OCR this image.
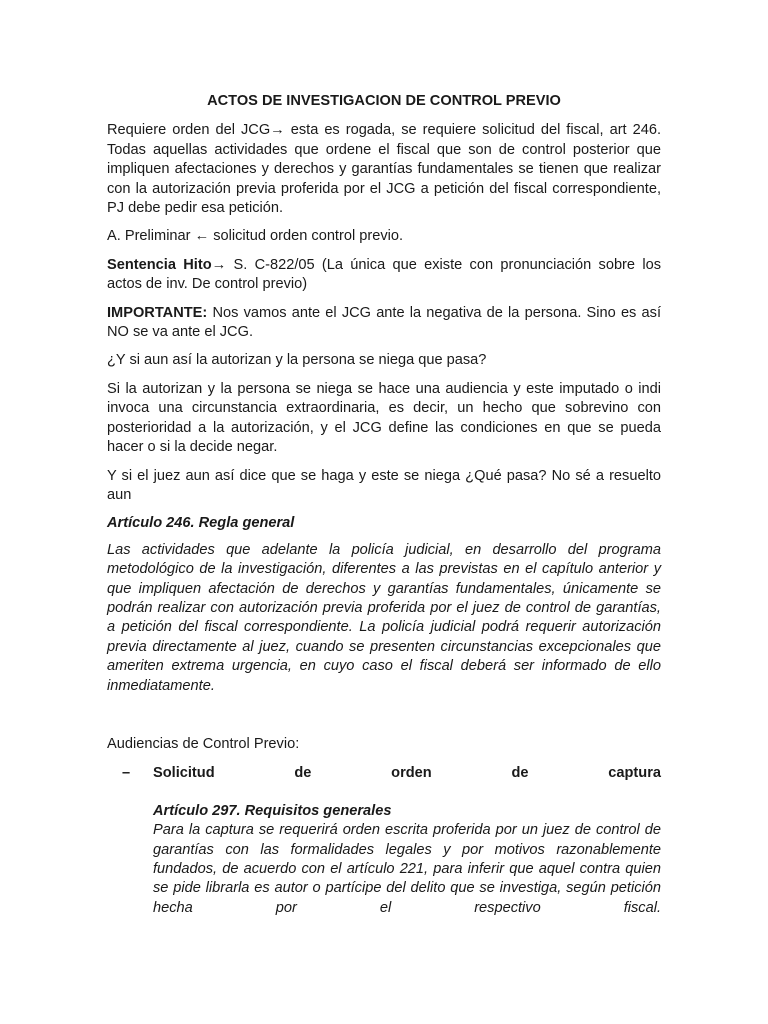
ACTOS DE INVESTIGACION DE CONTROL PREVIO

Requiere orden del JCG→ esta es rogada, se requiere solicitud del fiscal, art 246. Todas aquellas actividades que ordene el fiscal que son de control posterior que impliquen afectaciones y derechos y garantías fundamentales se tienen que realizar con la autorización previa proferida por el JCG a petición del fiscal correspondiente, PJ debe pedir esa petición.

A. Preliminar ← solicitud orden control previo.

Sentencia Hito→ S. C-822/05 (La única que existe con pronunciación sobre los actos de inv. De control previo)

IMPORTANTE: Nos vamos ante el JCG ante la negativa de la persona. Sino es así NO se va ante el JCG.

¿Y si aun así la autorizan y la persona se niega que pasa?

Si la autorizan y la persona se niega se hace una audiencia y este imputado o indi invoca una circunstancia extraordinaria, es decir, un hecho que sobrevino con posterioridad a la autorización, y el JCG define las condiciones en que se pueda hacer o si la decide negar.

Y si el juez aun así dice que se haga y este se niega ¿Qué pasa? No sé a resuelto aun

Artículo 246. Regla general

Las actividades que adelante la policía judicial, en desarrollo del programa metodológico de la investigación, diferentes a las previstas en el capítulo anterior y que impliquen afectación de derechos y garantías fundamentales, únicamente se podrán realizar con autorización previa proferida por el juez de control de garantías, a petición del fiscal correspondiente. La policía judicial podrá requerir autorización previa directamente al juez, cuando se presenten circunstancias excepcionales que ameriten extrema urgencia, en cuyo caso el fiscal deberá ser informado de ello inmediatamente.

Audiencias de Control Previo:

–	Solicitud de orden de captura

Artículo 297. Requisitos generales

Para la captura se requerirá orden escrita proferida por un juez de control de garantías con las formalidades legales y por motivos razonablemente fundados, de acuerdo con el artículo 221, para inferir que aquel contra quien se pide librarla es autor o partícipe del delito que se investiga, según petición hecha por el respectivo fiscal.
